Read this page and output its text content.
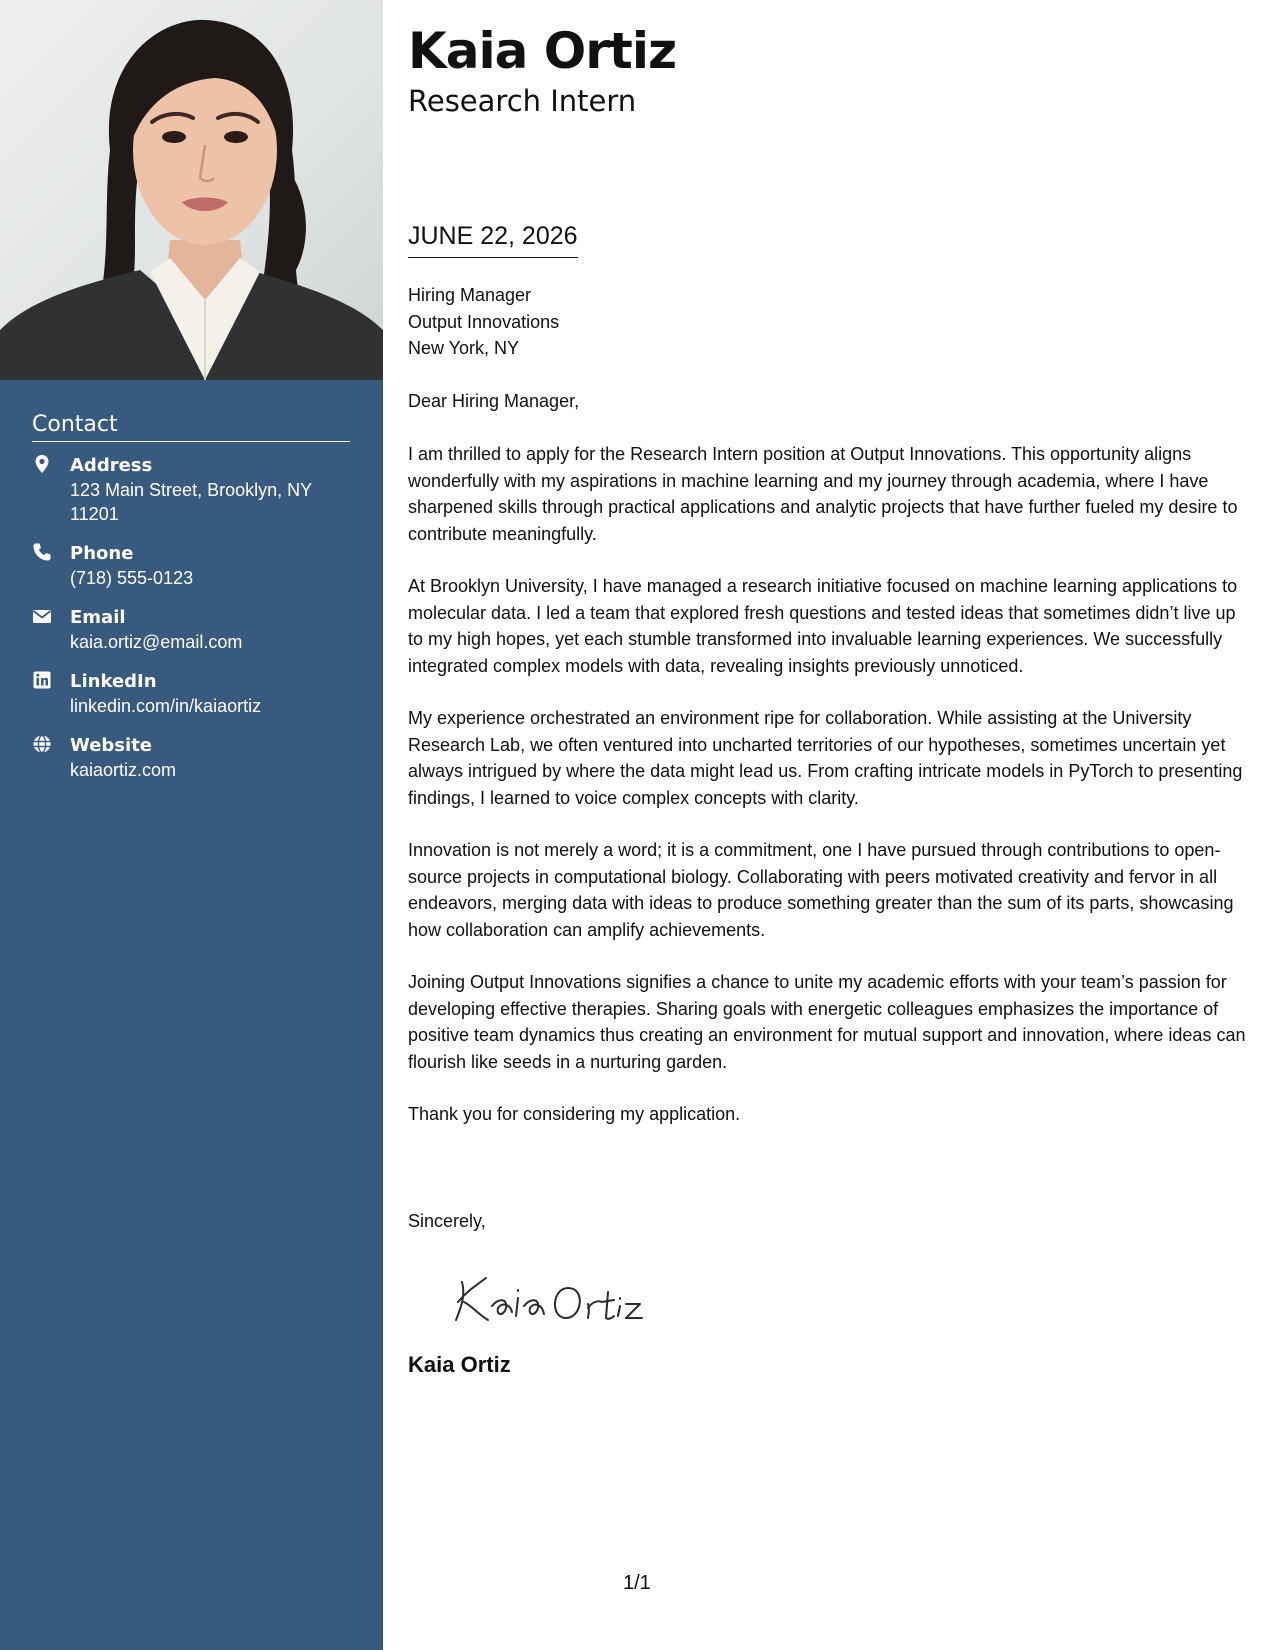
Contact
Address
123 Main Street, Brooklyn, NY 11201
Phone
(718) 555-0123
Email
kaia.ortiz@email.com
LinkedIn
linkedin.com/in/kaiaortiz
Website
kaiaortiz.com
Kaia Ortiz
Research Intern
JUNE 22, 2026
Hiring Manager
Output Innovations
New York, NY
Dear Hiring Manager,

I am thrilled to apply for the Research Intern position at Output Innovations. This opportunity aligns wonderfully with my aspirations in machine learning and my journey through academia, where I have sharpened skills through practical applications and analytic projects that have further fueled my desire to contribute meaningfully.

At Brooklyn University, I have managed a research initiative focused on machine learning applications to molecular data. I led a team that explored fresh questions and tested ideas that sometimes didn’t live up to my high hopes, yet each stumble transformed into invaluable learning experiences. We successfully integrated complex models with data, revealing insights previously unnoticed.

My experience orchestrated an environment ripe for collaboration. While assisting at the University Research Lab, we often ventured into uncharted territories of our hypotheses, sometimes uncertain yet always intrigued by where the data might lead us. From crafting intricate models in PyTorch to presenting findings, I learned to voice complex concepts with clarity.

Innovation is not merely a word; it is a commitment, one I have pursued through contributions to open-source projects in computational biology. Collaborating with peers motivated creativity and fervor in all endeavors, merging data with ideas to produce something greater than the sum of its parts, showcasing how collaboration can amplify achievements.

Joining Output Innovations signifies a chance to unite my academic efforts with your team’s passion for developing effective therapies. Sharing goals with energetic colleagues emphasizes the importance of positive team dynamics thus creating an environment for mutual support and innovation, where ideas can flourish like seeds in a nurturing garden.

Thank you for considering my application.

Sincerely,
Kaia Ortiz
1/1
